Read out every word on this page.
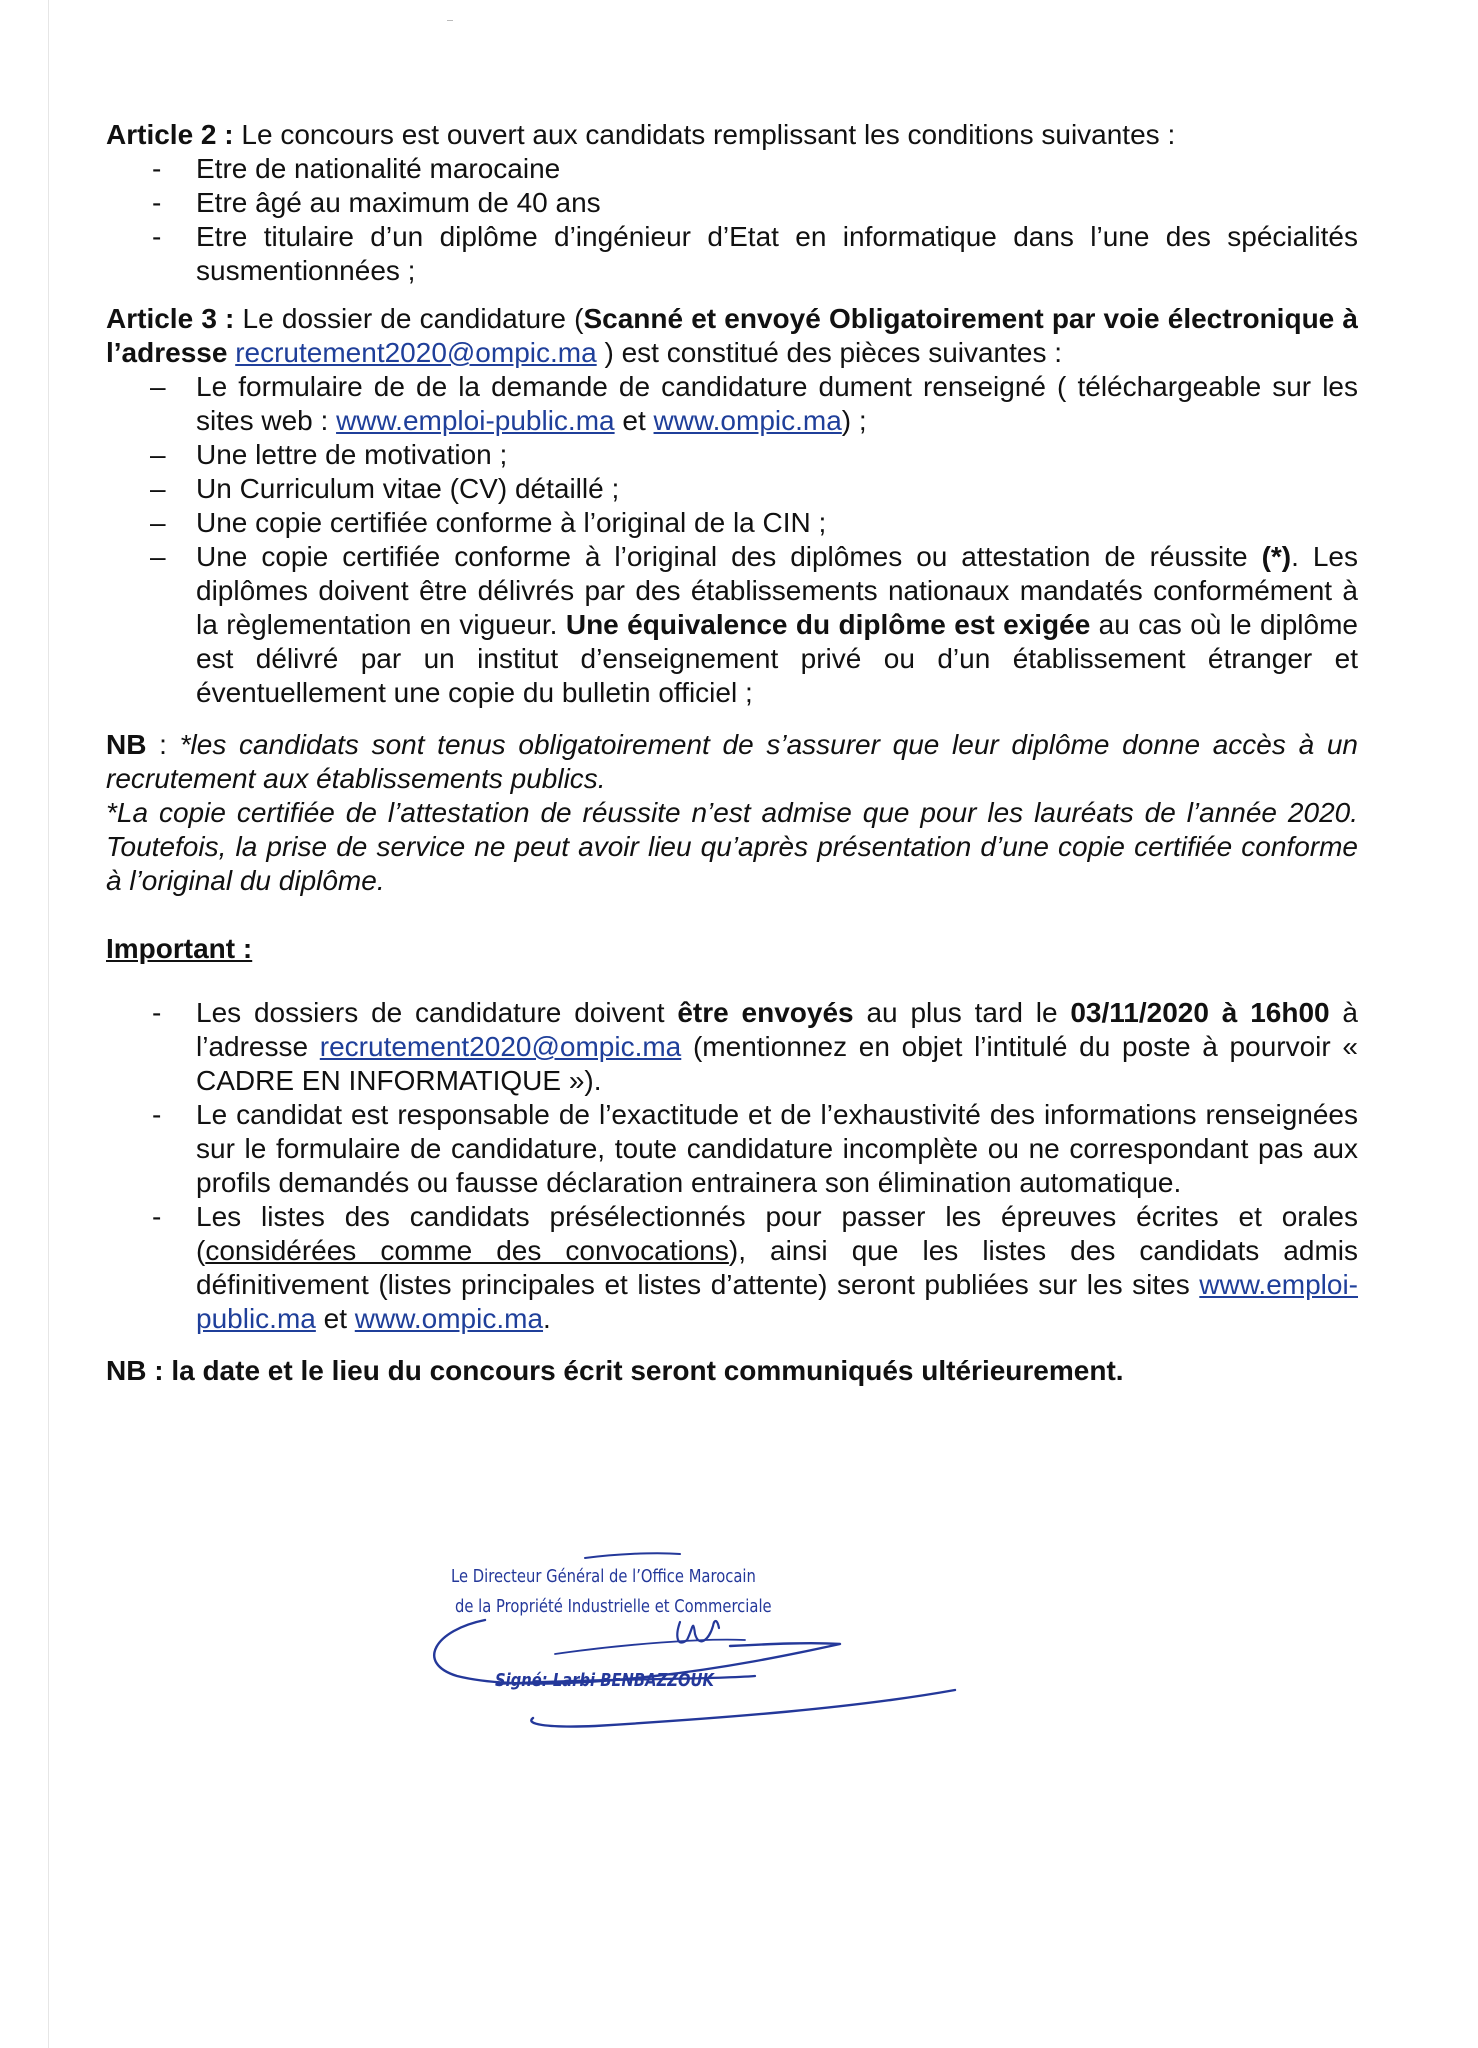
Article 2 : Le concours est ouvert aux candidats remplissant les conditions suivantes :

- Etre de nationalité marocaine
- Etre âgé au maximum de 40 ans
- Etre titulaire d’un diplôme d’ingénieur d’Etat en informatique dans l’une des spécialités susmentionnées ;

Article 3 : Le dossier de candidature (Scanné et envoyé Obligatoirement par voie électronique à l’adresse recrutement2020@ompic.ma ) est constitué des pièces suivantes :

– Le formulaire de de la demande de candidature dument renseigné ( téléchargeable sur les sites web : www.emploi-public.ma et www.ompic.ma) ;
– Une lettre de motivation ;
– Un Curriculum vitae (CV) détaillé ;
– Une copie certifiée conforme à l’original de la CIN ;
– Une copie certifiée conforme à l’original des diplômes ou attestation de réussite (*). Les diplômes doivent être délivrés par des établissements nationaux mandatés conformément à la règlementation en vigueur. Une équivalence du diplôme est exigée au cas où le diplôme est délivré par un institut d’enseignement privé ou d’un établissement étranger et éventuellement une copie du bulletin officiel ;

NB : *les candidats sont tenus obligatoirement de s’assurer que leur diplôme donne accès à un recrutement aux établissements publics.

*La copie certifiée de l’attestation de réussite n’est admise que pour les lauréats de l’année 2020. Toutefois, la prise de service ne peut avoir lieu qu’après présentation d’une copie certifiée conforme à l’original du diplôme.

Important :

- Les dossiers de candidature doivent être envoyés au plus tard le 03/11/2020 à 16h00 à l’adresse recrutement2020@ompic.ma (mentionnez en objet l’intitulé du poste à pourvoir « CADRE EN INFORMATIQUE »).
- Le candidat est responsable de l’exactitude et de l’exhaustivité des informations renseignées sur le formulaire de candidature, toute candidature incomplète ou ne correspondant pas aux profils demandés ou fausse déclaration entrainera son élimination automatique.
- Les listes des candidats présélectionnés pour passer les épreuves écrites et orales (considérées comme des convocations), ainsi que les listes des candidats admis définitivement (listes principales et listes d’attente) seront publiées sur les sites www.emploi-public.ma et www.ompic.ma.

NB : la date et le lieu du concours écrit seront communiqués ultérieurement.

Le Directeur Général de l’Office Marocain
de la Propriété Industrielle et Commerciale
Signé: Larbi BENBAZZOUK
